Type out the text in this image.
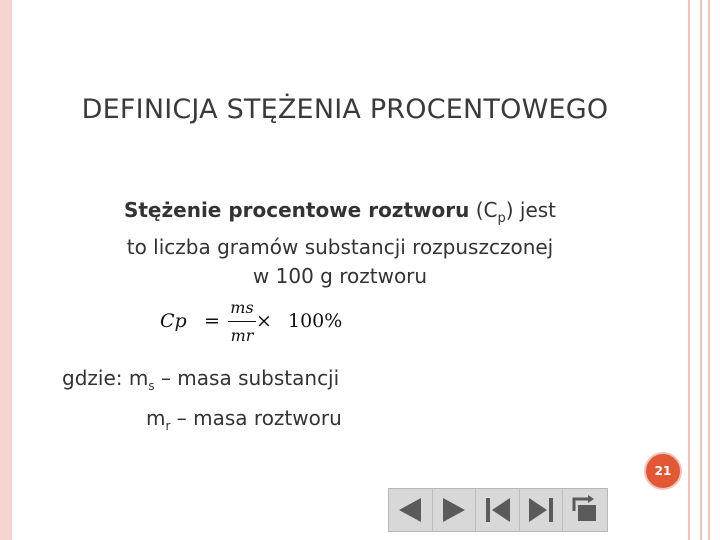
DEFINICJA STĘŻENIA PROCENTOWEGO
Stężenie procentowe roztworu $(C_p)$ jest
to liczba gramów substancji rozpuszczonej
w 100 g roztworu
Cp =
ms
mr
× 100%
gdzie: $m_s$ – masa substancji
$m_r$ – masa roztworu
21
